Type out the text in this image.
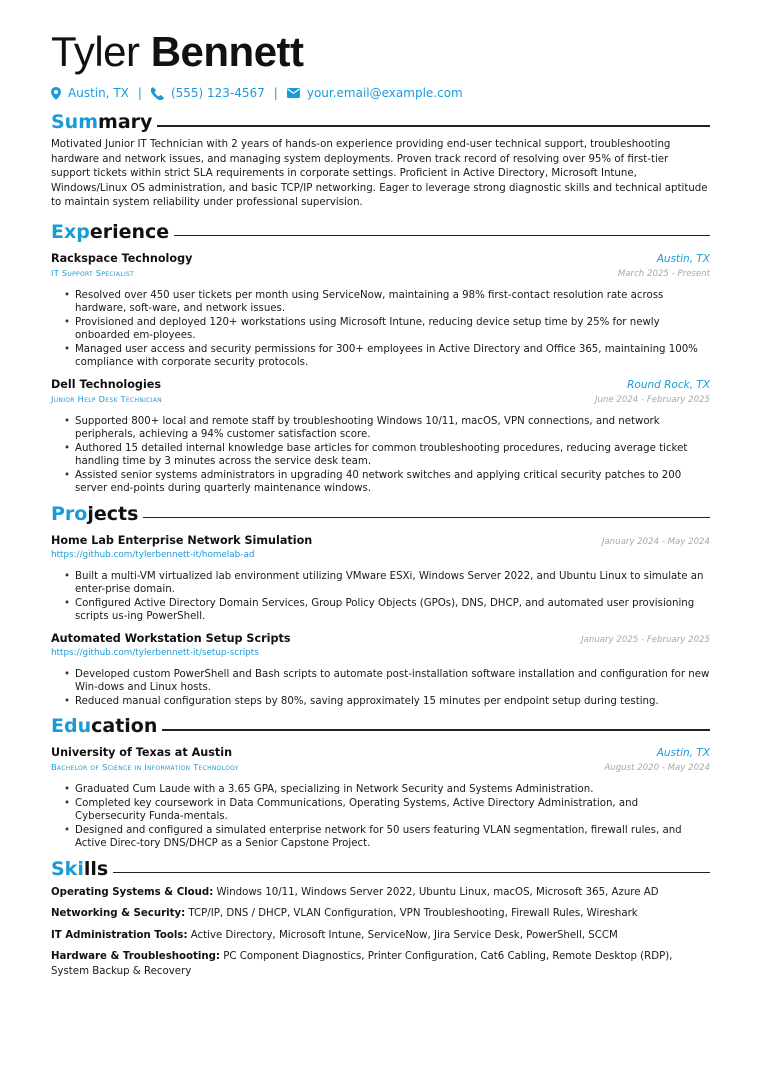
Tyler Bennett
Austin, TX | (555) 123-4567 | your.email@example.com
Sum mary

Motivated Junior IT Technician with 2 years of hands-on experience providing end-user technical support, troubleshooting hardware and network issues, and managing system deployments. Proven track record of resolving over 95% of first-tier support tickets within strict SLA requirements in corporate settings. Proficient in Active Directory, Microsoft Intune, Windows/Linux OS administration, and basic TCP/IP networking. Eager to leverage strong diagnostic skills and technical aptitude to maintain system reliability under professional supervision.

Exp erience
Rackspace Technology	Austin, TX
IT Support Specialist	March 2025 - Present
• Resolved over 450 user tickets per month using ServiceNow, maintaining a 98% first-contact resolution rate across hardware, soft-ware, and network issues.
• Provisioned and deployed 120+ workstations using Microsoft Intune, reducing device setup time by 25% for newly onboarded em-ployees.
• Managed user access and security permissions for 300+ employees in Active Directory and Office 365, maintaining 100% compliance with corporate security protocols.
Dell Technologies	Round Rock, TX
Junior Help Desk Technician	June 2024 - February 2025
• Supported 800+ local and remote staff by troubleshooting Windows 10/11, macOS, VPN connections, and network peripherals, achieving a 94% customer satisfaction score.
• Authored 15 detailed internal knowledge base articles for common troubleshooting procedures, reducing average ticket handling time by 3 minutes across the service desk team.
• Assisted senior systems administrators in upgrading 40 network switches and applying critical security patches to 200 server end-points during quarterly maintenance windows.
Pro jects
Home Lab Enterprise Network Simulation	January 2024 - May 2024
https://github.com/tylerbennett-it/homelab-ad
• Built a multi-VM virtualized lab environment utilizing VMware ESXi, Windows Server 2022, and Ubuntu Linux to simulate an enter-prise domain.
• Configured Active Directory Domain Services, Group Policy Objects (GPOs), DNS, DHCP, and automated user provisioning scripts us-ing PowerShell.
Automated Workstation Setup Scripts	January 2025 - February 2025
https://github.com/tylerbennett-it/setup-scripts
• Developed custom PowerShell and Bash scripts to automate post-installation software installation and configuration for new Win-dows and Linux hosts.
• Reduced manual configuration steps by 80%, saving approximately 15 minutes per endpoint setup during testing.
Edu cation
University of Texas at Austin	Austin, TX
Bachelor of Science in Information Technology	August 2020 - May 2024
• Graduated Cum Laude with a 3.65 GPA, specializing in Network Security and Systems Administration.
• Completed key coursework in Data Communications, Operating Systems, Active Directory Administration, and Cybersecurity Funda-mentals.
• Designed and configured a simulated enterprise network for 50 users featuring VLAN segmentation, firewall rules, and Active Direc-tory DNS/DHCP as a Senior Capstone Project.
Ski lls

Operating Systems & Cloud: Windows 10/11, Windows Server 2022, Ubuntu Linux, macOS, Microsoft 365, Azure AD

Networking & Security: TCP/IP, DNS / DHCP, VLAN Configuration, VPN Troubleshooting, Firewall Rules, Wireshark

IT Administration Tools: Active Directory, Microsoft Intune, ServiceNow, Jira Service Desk, PowerShell, SCCM

Hardware & Troubleshooting: PC Component Diagnostics, Printer Configuration, Cat6 Cabling, Remote Desktop (RDP), System Backup & Recovery
